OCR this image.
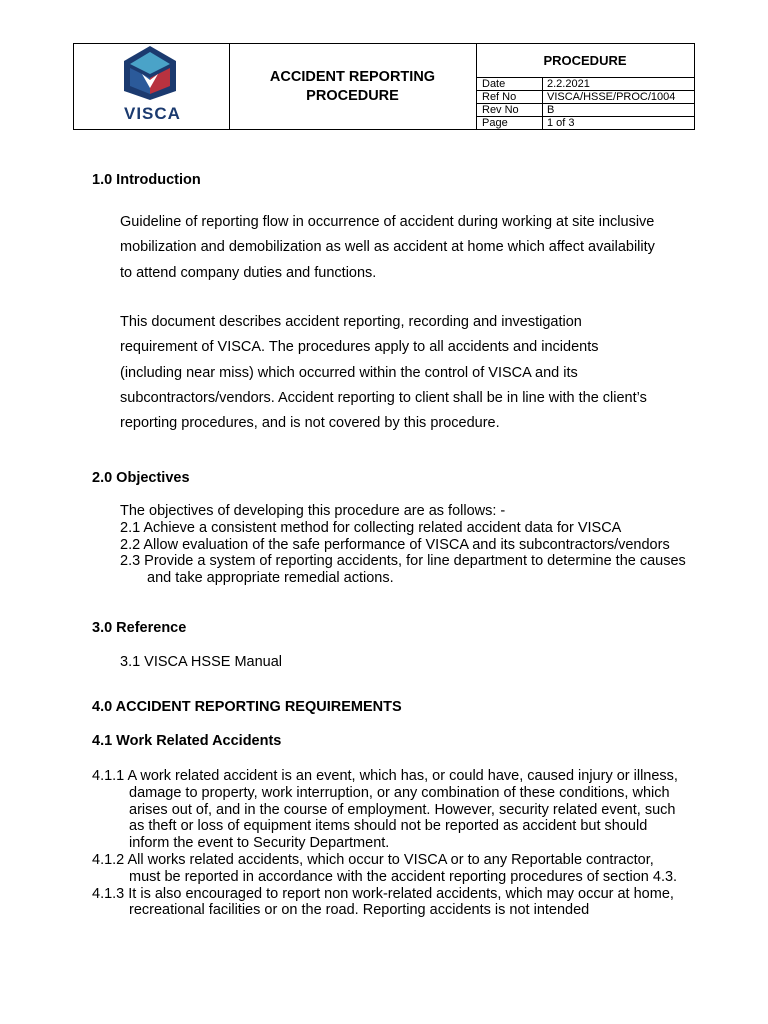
VISCA
ACCIDENT REPORTING
PROCEDURE
PROCEDURE
Date	2.2.2021
Ref No	VISCA/HSSE/PROC/1004
Rev No	B
Page	1 of 3
1.0 Introduction
Guideline of reporting flow in occurrence of accident during working at site inclusive mobilization and demobilization as well as accident at home which affect availability to attend company duties and functions.
This document describes accident reporting, recording and investigation requirement of VISCA. The procedures apply to all accidents and incidents (including near miss) which occurred within the control of VISCA and its subcontractors/vendors. Accident reporting to client shall be in line with the client’s reporting procedures, and is not covered by this procedure.
2.0 Objectives
The objectives of developing this procedure are as follows: -
2.1 Achieve a consistent method for collecting related accident data for VISCA
2.2 Allow evaluation of the safe performance of VISCA and its subcontractors/vendors
2.3 Provide a system of reporting accidents, for line department to determine the causes and take appropriate remedial actions.
3.0 Reference
3.1 VISCA HSSE Manual
4.0 ACCIDENT REPORTING REQUIREMENTS
4.1 Work Related Accidents
4.1.1 A work related accident is an event, which has, or could have, caused injury or illness, damage to property, work interruption, or any combination of these conditions, which arises out of, and in the course of employment. However, security related event, such as theft or loss of equipment items should not be reported as accident but should inform the event to Security Department.
4.1.2 All works related accidents, which occur to VISCA or to any Reportable contractor, must be reported in accordance with the accident reporting procedures of section 4.3.
4.1.3 It is also encouraged to report non work-related accidents, which may occur at home, recreational facilities or on the road. Reporting accidents is not intended
